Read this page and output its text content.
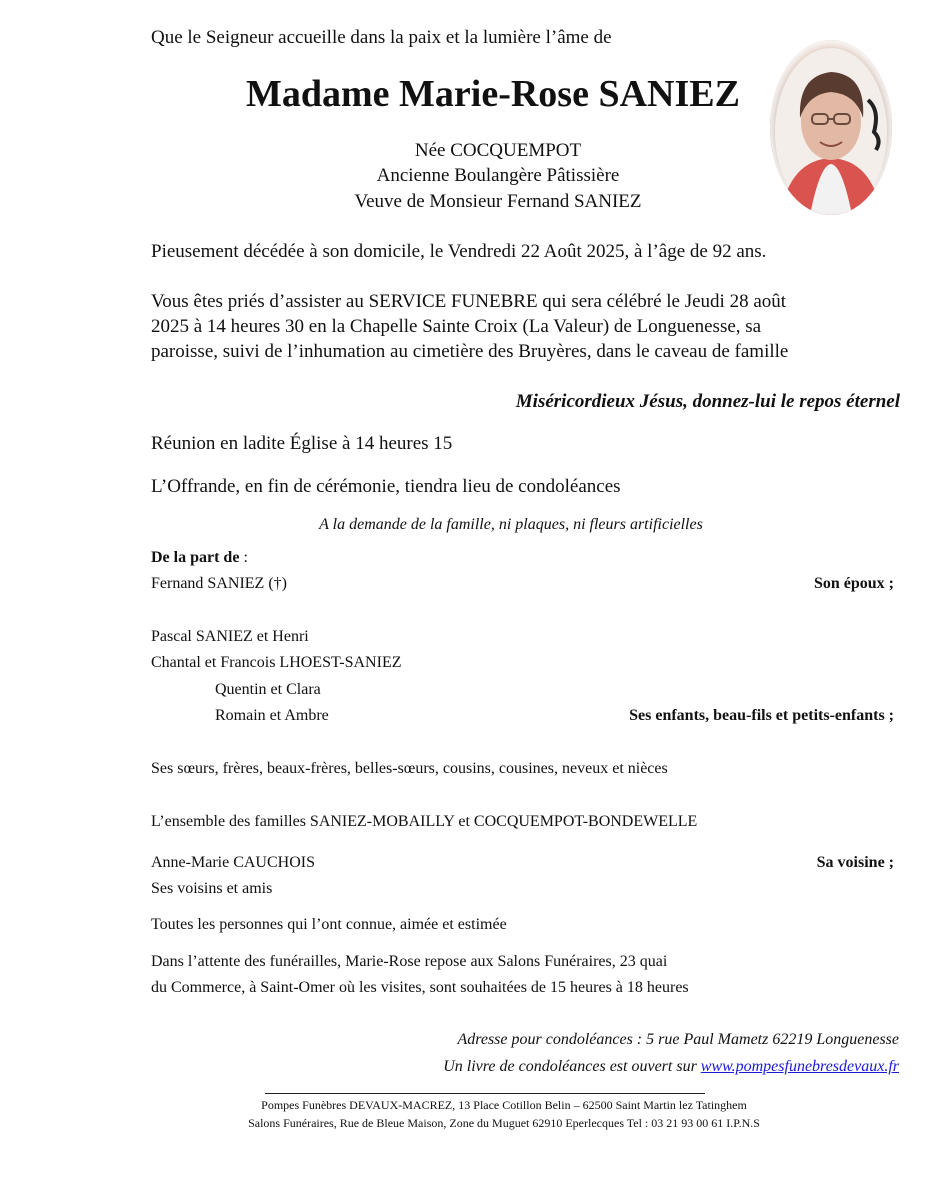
Que le Seigneur accueille dans la paix et la lumière l’âme de
Madame Marie-Rose SANIEZ
Née COCQUEMPOT
Ancienne Boulangère Pâtissière
Veuve de Monsieur Fernand SANIEZ
Pieusement décédée à son domicile, le Vendredi 22 Août 2025, à l’âge de 92 ans.
Vous êtes priés d’assister au SERVICE FUNEBRE qui sera célébré le Jeudi 28 août
2025 à 14 heures 30 en la Chapelle Sainte Croix (La Valeur) de Longuenesse, sa
paroisse, suivi de l’inhumation au cimetière des Bruyères, dans le caveau de famille
Miséricordieux Jésus, donnez-lui le repos éternel
Réunion en ladite Église à 14 heures 15
L’Offrande, en fin de cérémonie, tiendra lieu de condoléances
A la demande de la famille, ni plaques, ni fleurs artificielles
De la part de :
Fernand SANIEZ (†)	Son époux ;
Pascal SANIEZ et Henri
Chantal et Francois LHOEST-SANIEZ
Quentin et Clara
Romain et Ambre	Ses enfants, beau-fils et petits-enfants ;
Ses sœurs, frères, beaux-frères, belles-sœurs, cousins, cousines, neveux et nièces
L’ensemble des familles SANIEZ-MOBAILLY et COCQUEMPOT-BONDEWELLE
Anne-Marie CAUCHOIS	Sa voisine ;
Ses voisins et amis
Toutes les personnes qui l’ont connue, aimée et estimée
Dans l’attente des funérailles, Marie-Rose repose aux Salons Funéraires, 23 quai
du Commerce, à Saint-Omer où les visites, sont souhaitées de 15 heures à 18 heures
Adresse pour condoléances : 5 rue Paul Mametz 62219 Longuenesse
Un livre de condoléances est ouvert sur www.pompesfunebresdevaux.fr
Pompes Funèbres DEVAUX-MACREZ, 13 Place Cotillon Belin – 62500 Saint Martin lez Tatinghem
Salons Funéraires, Rue de Bleue Maison, Zone du Muguet 62910 Eperlecques Tel : 03 21 93 00 61 I.P.N.S
